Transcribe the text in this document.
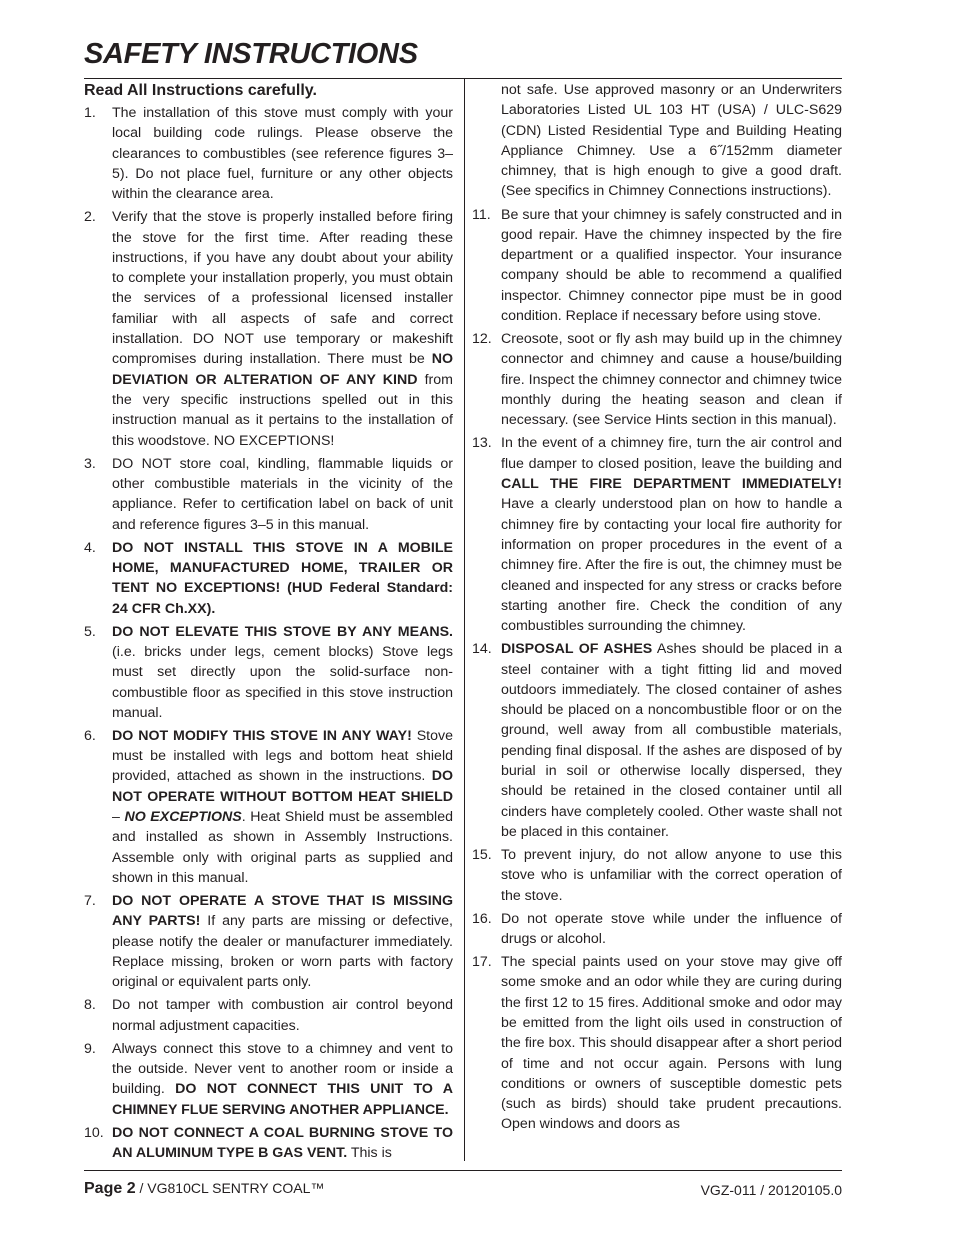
SAFETY INSTRUCTIONS
Read All Instructions carefully.
1. The installation of this stove must comply with your local building code rulings. Please observe the clearances to combustibles (see reference figures 3–5). Do not place fuel, furniture or any other objects within the clearance area.
2. Verify that the stove is properly installed before firing the stove for the first time. After reading these instructions, if you have any doubt about your ability to complete your installation properly, you must obtain the services of a professional licensed installer familiar with all aspects of safe and correct installation. DO NOT use temporary or makeshift compromises during installation. There must be NO DEVIATION OR ALTERATION OF ANY KIND from the very specific instructions spelled out in this instruction manual as it pertains to the installation of this woodstove. NO EXCEPTIONS!
3. DO NOT store coal, kindling, flammable liquids or other combustible materials in the vicinity of the appliance. Refer to certification label on back of unit and reference figures 3–5 in this manual.
4. DO NOT INSTALL THIS STOVE IN A MOBILE HOME, MANUFACTURED HOME, TRAILER OR TENT NO EXCEPTIONS! (HUD Federal Standard: 24 CFR Ch.XX).
5. DO NOT ELEVATE THIS STOVE BY ANY MEANS. (i.e. bricks under legs, cement blocks) Stove legs must set directly upon the solid-surface non-combustible floor as specified in this stove instruction manual.
6. DO NOT MODIFY THIS STOVE IN ANY WAY! Stove must be installed with legs and bottom heat shield provided, attached as shown in the instructions. DO NOT OPERATE WITHOUT BOTTOM HEAT SHIELD – NO EXCEPTIONS. Heat Shield must be assembled and installed as shown in Assembly Instructions. Assemble only with original parts as supplied and shown in this manual.
7. DO NOT OPERATE A STOVE THAT IS MISSING ANY PARTS! If any parts are missing or defective, please notify the dealer or manufacturer immediately. Replace missing, broken or worn parts with factory original or equivalent parts only.
8. Do not tamper with combustion air control beyond normal adjustment capacities.
9. Always connect this stove to a chimney and vent to the outside. Never vent to another room or inside a building. DO NOT CONNECT THIS UNIT TO A CHIMNEY FLUE SERVING ANOTHER APPLIANCE.
10. DO NOT CONNECT A COAL BURNING STOVE TO AN ALUMINUM TYPE B GAS VENT. This is
not safe. Use approved masonry or an Underwriters Laboratories Listed UL 103 HT (USA) / ULC-S629 (CDN) Listed Residential Type and Building Heating Appliance Chimney. Use a 6˝/152mm diameter chimney, that is high enough to give a good draft. (See specifics in Chimney Connections instructions).
11. Be sure that your chimney is safely constructed and in good repair. Have the chimney inspected by the fire department or a qualified inspector. Your insurance company should be able to recommend a qualified inspector. Chimney connector pipe must be in good condition. Replace if necessary before using stove.
12. Creosote, soot or fly ash may build up in the chimney connector and chimney and cause a house/building fire. Inspect the chimney connector and chimney twice monthly during the heating season and clean if necessary. (see Service Hints section in this manual).
13. In the event of a chimney fire, turn the air control and flue damper to closed position, leave the building and CALL THE FIRE DEPARTMENT IMMEDIATELY! Have a clearly understood plan on how to handle a chimney fire by contacting your local fire authority for information on proper procedures in the event of a chimney fire. After the fire is out, the chimney must be cleaned and inspected for any stress or cracks before starting another fire. Check the condition of any combustibles surrounding the chimney.
14. DISPOSAL OF ASHES Ashes should be placed in a steel container with a tight fitting lid and moved outdoors immediately. The closed container of ashes should be placed on a noncombustible floor or on the ground, well away from all combustible materials, pending final disposal. If the ashes are disposed of by burial in soil or otherwise locally dispersed, they should be retained in the closed container until all cinders have completely cooled. Other waste shall not be placed in this container.
15. To prevent injury, do not allow anyone to use this stove who is unfamiliar with the correct operation of the stove.
16. Do not operate stove while under the influence of drugs or alcohol.
17. The special paints used on your stove may give off some smoke and an odor while they are curing during the first 12 to 15 fires. Additional smoke and odor may be emitted from the light oils used in construction of the fire box. This should disappear after a short period of time and not occur again. Persons with lung conditions or owners of susceptible domestic pets (such as birds) should take prudent precautions. Open windows and doors as
Page 2 / VG810CL SENTRY COAL™	VGZ-011 / 20120105.0
